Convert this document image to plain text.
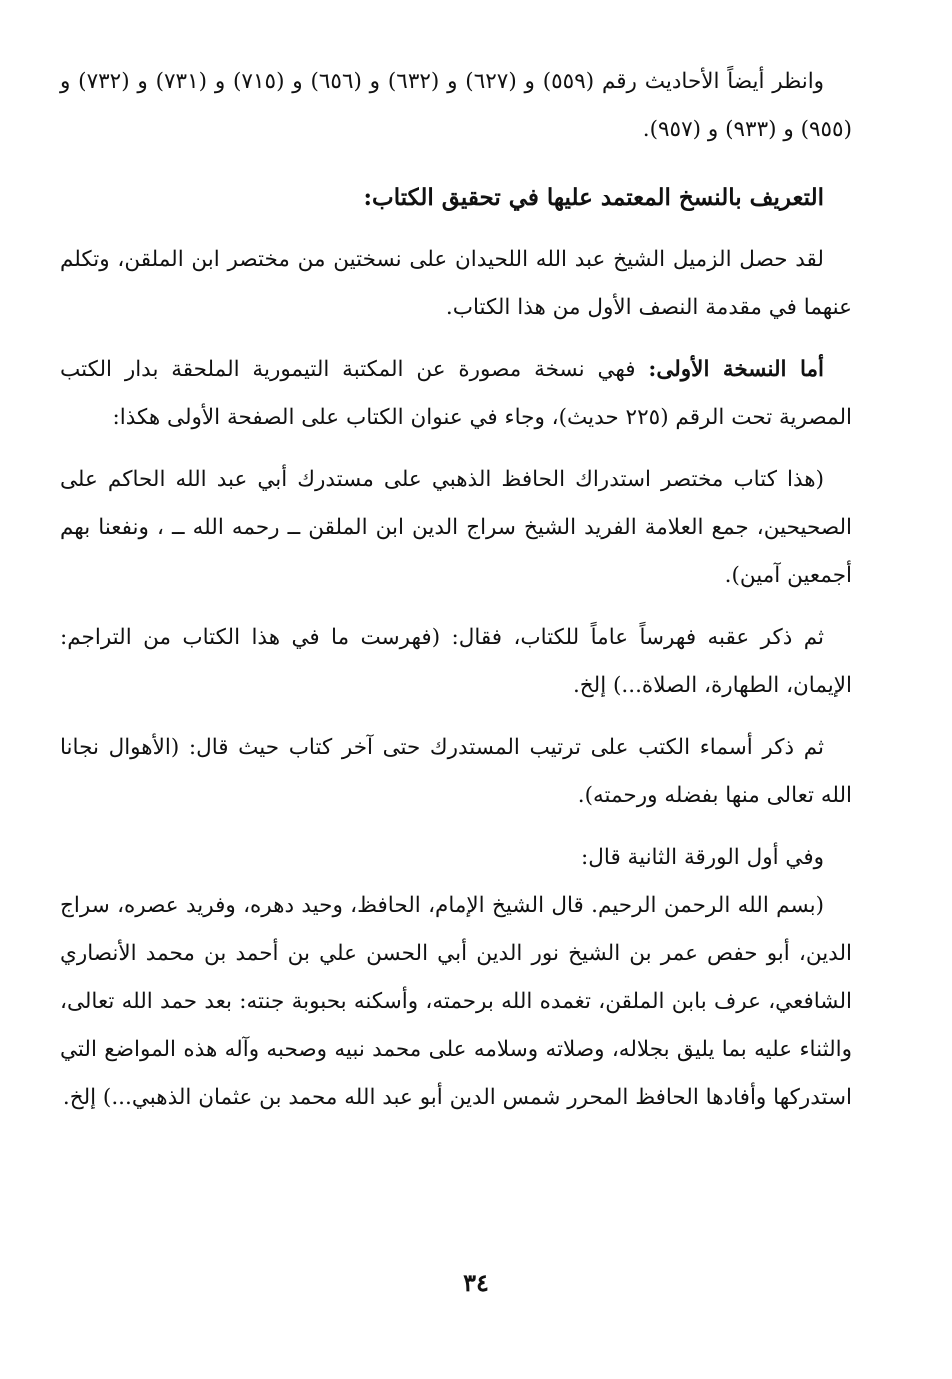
وانظر أيضاً الأحاديث رقم (٥٥٩) و (٦٢٧) و (٦٣٢) و (٦٥٦) و (٧١٥) و (٧٣١) و (٧٣٢) و (٩٥٥) و (٩٣٣) و (٩٥٧).

التعريف بالنسخ المعتمد عليها في تحقيق الكتاب:

لقد حصل الزميل الشيخ عبد الله اللحيدان على نسختين من مختصر ابن الملقن، وتكلم عنهما في مقدمة النصف الأول من هذا الكتاب.

أما النسخة الأولى: فهي نسخة مصورة عن المكتبة التيمورية الملحقة بدار الكتب المصرية تحت الرقم (٢٢٥ حديث)، وجاء في عنوان الكتاب على الصفحة الأولى هكذا:

(هذا كتاب مختصر استدراك الحافظ الذهبي على مستدرك أبي عبد الله الحاكم على الصحيحين، جمع العلامة الفريد الشيخ سراج الدين ابن الملقن ــ رحمه الله ــ ، ونفعنا بهم أجمعين آمين).

ثم ذكر عقبه فهرساً عاماً للكتاب، فقال: (فهرست ما في هذا الكتاب من التراجم: الإيمان، الطهارة، الصلاة...) إلخ.

ثم ذكر أسماء الكتب على ترتيب المستدرك حتى آخر كتاب حيث قال: (الأهوال نجانا الله تعالى منها بفضله ورحمته).

وفي أول الورقة الثانية قال:

(بسم الله الرحمن الرحيم. قال الشيخ الإمام، الحافظ، وحيد دهره، وفريد عصره، سراج الدين، أبو حفص عمر بن الشيخ نور الدين أبي الحسن علي بن أحمد بن محمد الأنصاري الشافعي، عرف بابن الملقن، تغمده الله برحمته، وأسكنه بحبوبة جنته: بعد حمد الله تعالى، والثناء عليه بما يليق بجلاله، وصلاته وسلامه على محمد نبيه وصحبه وآله هذه المواضع التي استدركها وأفادها الحافظ المحرر شمس الدين أبو عبد الله محمد بن عثمان الذهبي...) إلخ.

٣٤
